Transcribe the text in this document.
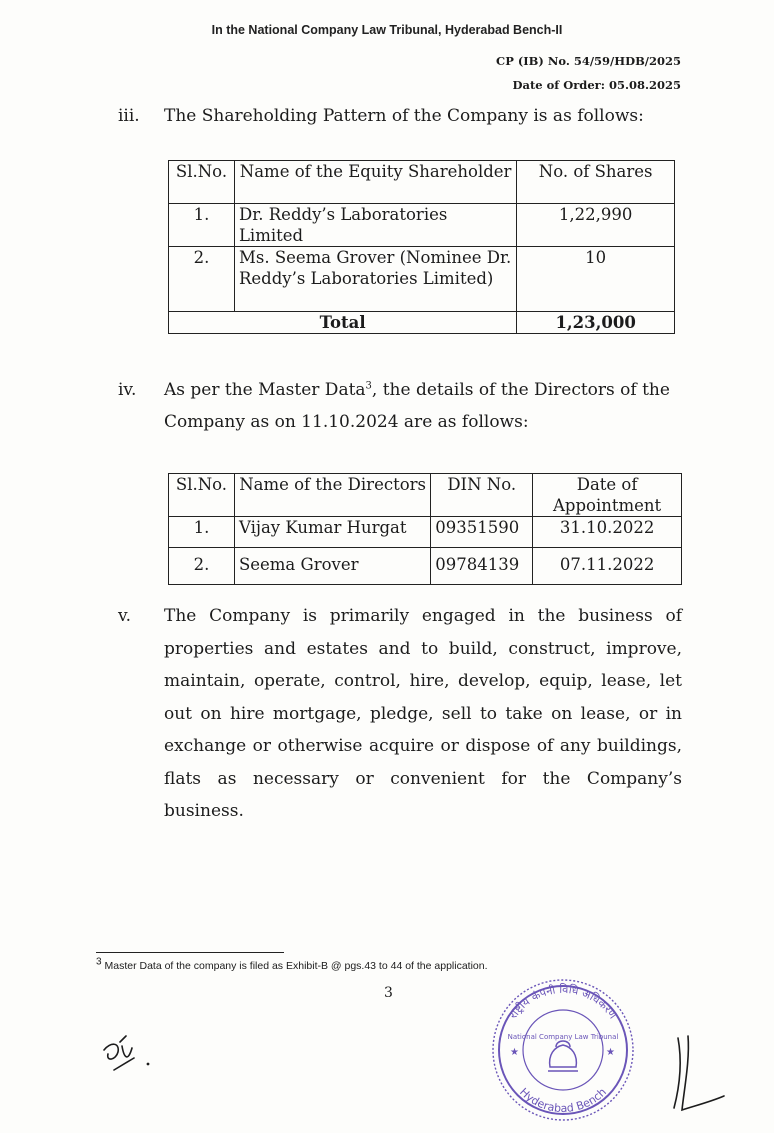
In the National Company Law Tribunal, Hyderabad Bench-II
CP (IB) No. 54/59/HDB/2025
Date of Order: 05.08.2025
iii.	The Shareholding Pattern of the Company is as follows:
Sl.No.	Name of the Equity Shareholder	No. of Shares
1.	Dr. Reddy’s Laboratories Limited	1,22,990
2.	Ms. Seema Grover (Nominee Dr. Reddy’s Laboratories Limited)	10
Total		1,23,000
iv.	As per the Master Data$^3$, the details of the Directors of the Company as on 11.10.2024 are as follows:
Sl.No.	Name of the Directors	DIN No.	Date of Appointment
1.	Vijay Kumar Hurgat	09351590	31.10.2022
2.	Seema Grover	09784139	07.11.2022
v.	The Company is primarily engaged in the business of properties and estates and to build, construct, improve, maintain, operate, control, hire, develop, equip, lease, let out on hire mortgage, pledge, sell to take on lease, or in exchange or otherwise acquire or dispose of any buildings, flats as necessary or convenient for the Company’s business.
$^3$ Master Data of the company is filed as Exhibit-B @ pgs.43 to 44 of the application.
3
राष्ट्रीय कंपनी विधि अधिकरण
Hyderabad Bench
National Company Law Tribunal
★	★
